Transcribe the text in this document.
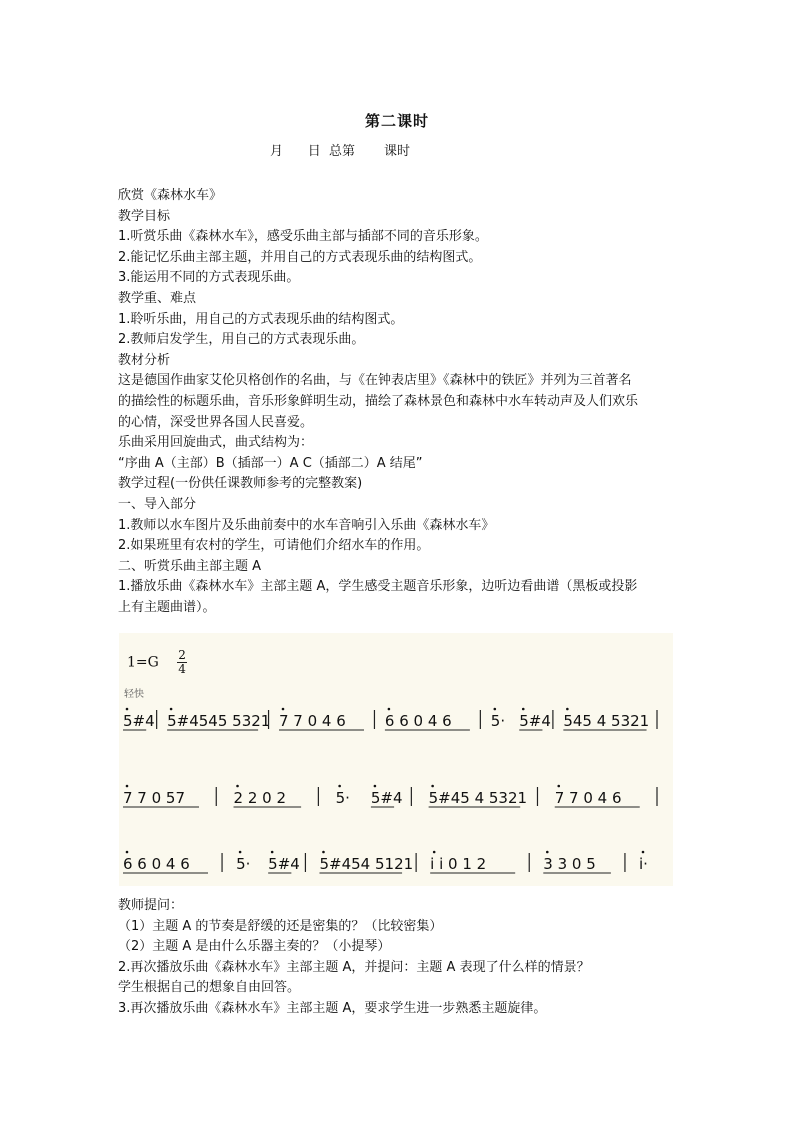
第二课时
月      日  总第       课时

欣赏《森林水车》

教学目标

1.听赏乐曲《森林水车》，感受乐曲主部与插部不同的音乐形象。

2.能记忆乐曲主部主题，并用自己的方式表现乐曲的结构图式。

3.能运用不同的方式表现乐曲。

教学重、难点

1.聆听乐曲，用自己的方式表现乐曲的结构图式。

2.教师启发学生，用自己的方式表现乐曲。

教材分析

这是德国作曲家艾伦贝格创作的名曲，与《在钟表店里》《森林中的铁匠》并列为三首著名

的描绘性的标题乐曲，音乐形象鲜明生动，描绘了森林景色和森林中水车转动声及人们欢乐

的心情，深受世界各国人民喜爱。

乐曲采用回旋曲式，曲式结构为：

“序曲 A（主部）B（插部一）A C（插部二）A 结尾”

教学过程(一份供任课教师参考的完整教案)

一、导入部分

1.教师以水车图片及乐曲前奏中的水车音响引入乐曲《森林水车》

2.如果班里有农村的学生，可请他们介绍水车的作用。

二、听赏乐曲主部主题 A

1.播放乐曲《森林水车》主部主题 A，学生感受主题音乐形象，边听边看曲谱（黑板或投影

上有主题曲谱）。

$1=G \frac{2}{4}$
轻快
5#4 5#4545 5321 7 7 0 4 6	6 6 0 4 6	5· 5#4 545 4 5321
7 7 0 57	2 2 0 2	5· 5#4 5#45 4 5321 7 7 0 4 6
6 6 0 4 6	5· 5#4 5#454 5121 i i 0 1 2	3 3 0 5	i·

教师提问：

（1）主题 A 的节奏是舒缓的还是密集的？（比较密集）

（2）主题 A 是由什么乐器主奏的？（小提琴）

2.再次播放乐曲《森林水车》主部主题 A，并提问：主题 A 表现了什么样的情景？

学生根据自己的想象自由回答。

3.再次播放乐曲《森林水车》主部主题 A，要求学生进一步熟悉主题旋律。
